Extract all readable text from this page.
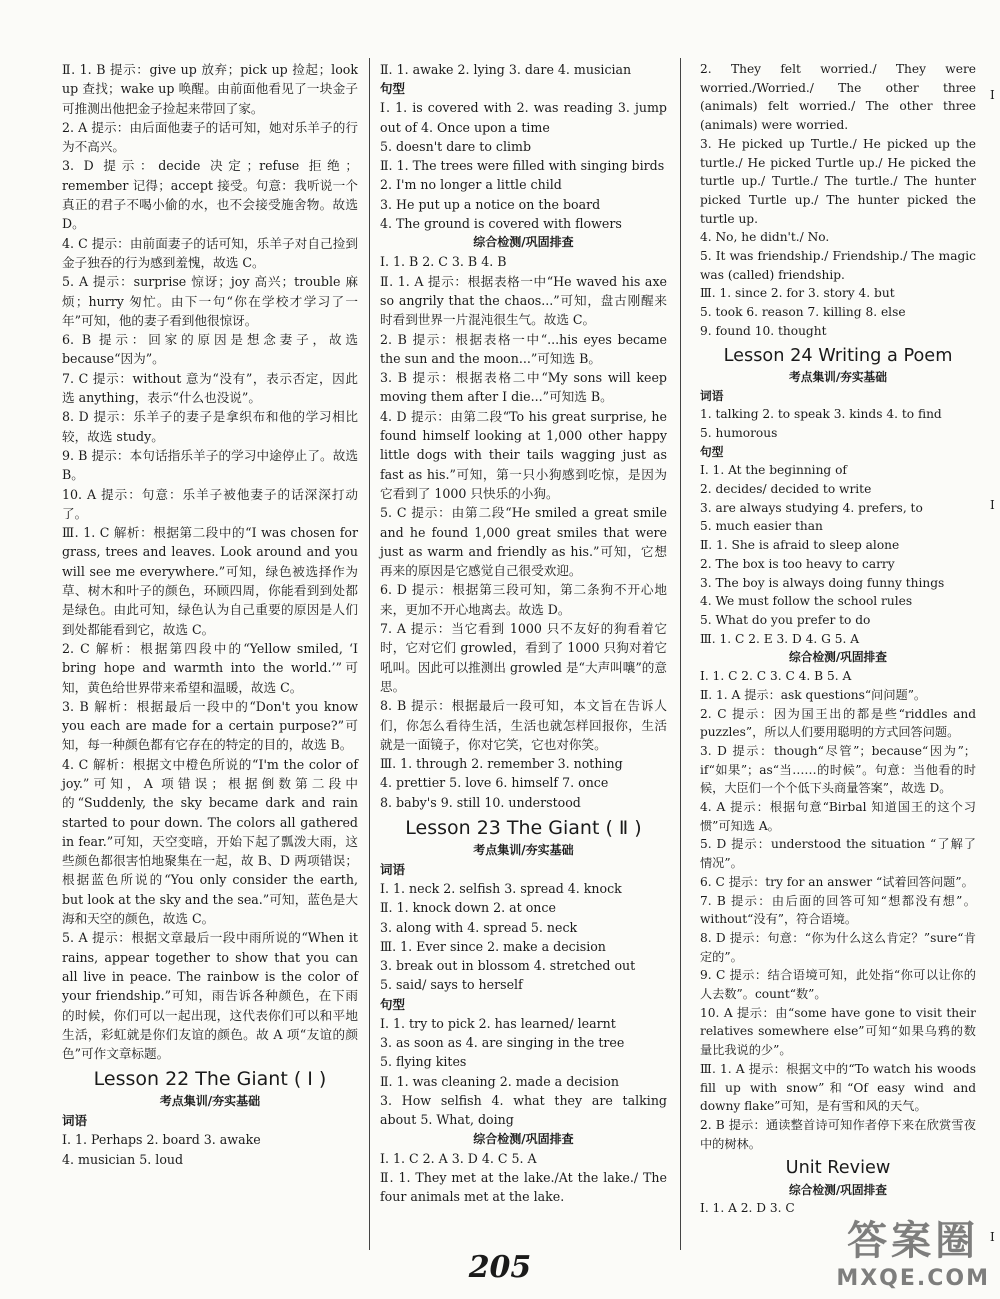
Ⅱ. 1. B 提示：give up 放弃；pick up 捡起；look up 查找；wake up 唤醒。由前面他看见了一块金子可推测出他把金子捡起来带回了家。
2. A 提示：由后面他妻子的话可知，她对乐羊子的行为不高兴。
3. D 提示：decide 决定；refuse 拒绝；remember 记得；accept 接受。句意：我听说一个真正的君子不喝小偷的水，也不会接受施舍物。故选 D。
4. C 提示：由前面妻子的话可知，乐羊子对自己捡到金子独吞的行为感到羞愧，故选 C。
5. A 提示：surprise 惊讶；joy 高兴；trouble 麻烦；hurry 匆忙。由下一句“你在学校才学习了一年”可知，他的妻子看到他很惊讶。
6. B 提示：回家的原因是想念妻子，故选 because“因为”。
7. C 提示：without 意为“没有”，表示否定，因此选 anything，表示“什么也没说”。
8. D 提示：乐羊子的妻子是拿织布和他的学习相比较，故选 study。
9. B 提示：本句话指乐羊子的学习中途停止了。故选 B。
10. A 提示：句意：乐羊子被他妻子的话深深打动了。
Ⅲ. 1. C 解析：根据第二段中的“I was chosen for grass, trees and leaves. Look around and you will see me everywhere.”可知，绿色被选择作为草、树木和叶子的颜色，环顾四周，你能看到到处都是绿色。由此可知，绿色认为自己重要的原因是人们到处都能看到它，故选 C。
2. C 解析：根据第四段中的“Yellow smiled, ‘I bring hope and warmth into the world.’”可知，黄色给世界带来希望和温暖，故选 C。
3. B 解析：根据最后一段中的“Don't you know you each are made for a certain purpose?”可知，每一种颜色都有它存在的特定的目的，故选 B。
4. C 解析：根据文中橙色所说的“I'm the color of joy.”可知，A 项错误；根据倒数第二段中的“Suddenly, the sky became dark and rain started to pour down. The colors all gathered in fear.”可知，天空变暗，开始下起了瓢泼大雨，这些颜色都很害怕地聚集在一起，故 B、D 两项错误；根据蓝色所说的“You only consider the earth, but look at the sky and the sea.”可知，蓝色是大海和天空的颜色，故选 C。
5. A 提示：根据文章最后一段中雨所说的“When it rains, appear together to show that you can all live in peace. The rainbow is the color of your friendship.”可知，雨告诉各种颜色，在下雨的时候，你们可以一起出现，这代表你们可以和平地生活，彩虹就是你们友谊的颜色。故 A 项“友谊的颜色”可作文章标题。
Lesson 22 The Giant ( Ⅰ )
考点集训/夯实基础
词语
Ⅰ. 1. Perhaps 2. board 3. awake
4. musician 5. loud
Ⅱ. 1. awake 2. lying 3. dare 4. musician
句型
Ⅰ. 1. is covered with 2. was reading 3. jump out of 4. Once upon a time
5. doesn't dare to climb
Ⅱ. 1. The trees were filled with singing birds
2. I'm no longer a little child
3. He put up a notice on the board
4. The ground is covered with flowers
综合检测/巩固排查
Ⅰ. 1. B 2. C 3. B 4. B
Ⅱ. 1. A 提示：根据表格一中“He waved his axe so angrily that the chaos...”可知，盘古刚醒来时看到世界一片混沌很生气。故选 C。
2. B 提示：根据表格一中“...his eyes became the sun and the moon...”可知选 B。
3. B 提示：根据表格二中“My sons will keep moving them after I die...”可知选 B。
4. D 提示：由第二段“To his great surprise, he found himself looking at 1,000 other happy little dogs with their tails wagging just as fast as his.”可知，第一只小狗感到吃惊，是因为它看到了 1000 只快乐的小狗。
5. C 提示：由第二段“He smiled a great smile and he found 1,000 great smiles that were just as warm and friendly as his.”可知，它想再来的原因是它感觉自己很受欢迎。
6. D 提示：根据第三段可知，第二条狗不开心地来，更加不开心地离去。故选 D。
7. A 提示：当它看到 1000 只不友好的狗看着它时，它对它们 growled，看到了 1000 只狗对着它吼叫。因此可以推测出 growled 是“大声叫嚷”的意思。
8. B 提示：根据最后一段可知，本文旨在告诉人们，你怎么看待生活，生活也就怎样回报你，生活就是一面镜子，你对它笑，它也对你笑。
Ⅲ. 1. through 2. remember 3. nothing
4. prettier 5. love 6. himself 7. once
8. baby's 9. still 10. understood
Lesson 23 The Giant ( Ⅱ )
考点集训/夯实基础
词语
Ⅰ. 1. neck 2. selfish 3. spread 4. knock
Ⅱ. 1. knock down 2. at once
3. along with 4. spread 5. neck
Ⅲ. 1. Ever since 2. make a decision
3. break out in blossom 4. stretched out
5. said/ says to herself
句型
Ⅰ. 1. try to pick 2. has learned/ learnt
3. as soon as 4. are singing in the tree
5. flying kites
Ⅱ. 1. was cleaning 2. made a decision
3. How selfish 4. what they are talking about 5. What, doing
综合检测/巩固排查
Ⅰ. 1. C 2. A 3. D 4. C 5. A
Ⅱ. 1. They met at the lake./At the lake./ The four animals met at the lake.
2. They felt worried./ They were worried./Worried./ The other three (animals) felt worried./ The other three (animals) were worried.
3. He picked up Turtle./ He picked up the turtle./ He picked Turtle up./ He picked the turtle up./ Turtle./ The turtle./ The hunter picked Turtle up./ The hunter picked the turtle up.
4. No, he didn't./ No.
5. It was friendship./ Friendship./ The magic was (called) friendship.
Ⅲ. 1. since 2. for 3. story 4. but
5. took 6. reason 7. killing 8. else
9. found 10. thought
Lesson 24 Writing a Poem
考点集训/夯实基础
词语
1. talking 2. to speak 3. kinds 4. to find
5. humorous
句型
Ⅰ. 1. At the beginning of
2. decides/ decided to write
3. are always studying 4. prefers, to
5. much easier than
Ⅱ. 1. She is afraid to sleep alone
2. The box is too heavy to carry
3. The boy is always doing funny things
4. We must follow the school rules
5. What do you prefer to do
Ⅲ. 1. C 2. E 3. D 4. G 5. A
综合检测/巩固排查
Ⅰ. 1. C 2. C 3. C 4. B 5. A
Ⅱ. 1. A 提示：ask questions“问问题”。
2. C 提示：因为国王出的都是些“riddles and puzzles”，所以人们要用聪明的方式回答问题。
3. D 提示：though“尽管”；because“因为”；if“如果”；as“当……的时候”。句意：当他看的时候，大臣们一个个低下头商量答案”，故选 D。
4. A 提示：根据句意“Birbal 知道国王的这个习惯”可知选 A。
5. D 提示：understood the situation “了解了情况”。
6. C 提示：try for an answer “试着回答问题”。
7. B 提示：由后面的回答可知“想都没有想”。without“没有”，符合语境。
8. D 提示：句意：“你为什么这么肯定？”sure“肯定的”。
9. C 提示：结合语境可知，此处指“你可以让你的人去数”。count“数”。
10. A 提示：由“some have gone to visit their relatives somewhere else”可知“如果乌鸦的数量比我说的少”。
Ⅲ. 1. A 提示：根据文中的“To watch his woods fill up with snow”和“Of easy wind and downy flake”可知，是有雪和风的天气。
2. B 提示：通读整首诗可知作者停下来在欣赏雪夜中的树林。
Unit Review
综合检测/巩固排查
Ⅰ. 1. A 2. D 3. C
I
I
I
205
答案圈
MXQE.COM
